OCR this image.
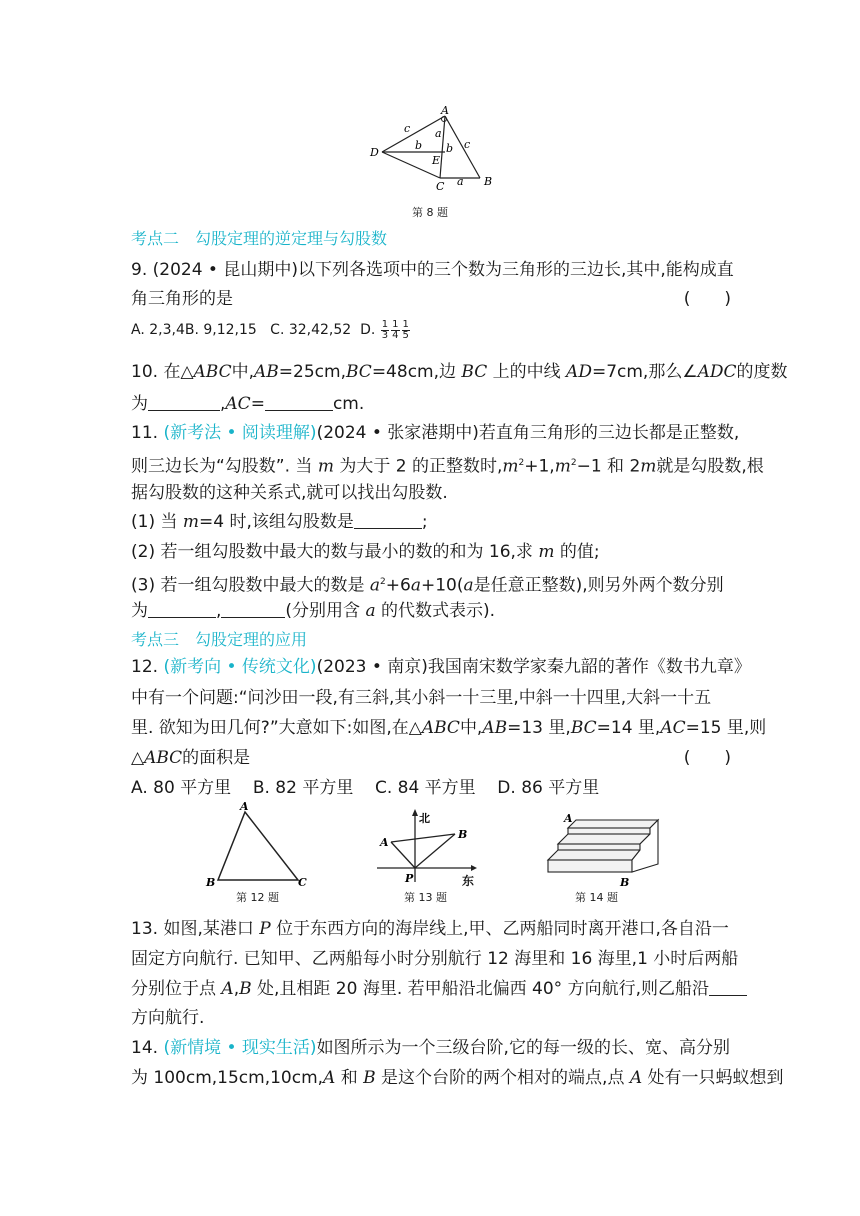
A
B
C
D
E
a
a
b b
c
c
第 8 题
考点二　勾股定理的逆定理与勾股数
9. (2024 • 昆山期中)以下列各选项中的三个数为三角形的三边长,其中,能构成直
角三角形的是	(　　)
A. 2,3,4B. 9,12,15 C. 32,42,52 D. $\frac{1}{3} \frac{1}{4} \frac{1}{5}$
10. 在△ABC中,AB=25cm,BC=48cm,边 BC 上的中线 AD=7cm,那么∠ADC的度数
为	,AC=	cm.
11. (新考法 • 阅读理解)(2024 • 张家港期中)若直角三角形的三边长都是正整数,
则三边长为“勾股数”. 当 m 为大于 2 的正整数时$,m^2+1,m^2-1$ 和 2m就是勾股数,根
据勾股数的这种关系式,就可以找出勾股数.
(1) 当 m=4 时,该组勾股数是	;
(2) 若一组勾股数中最大的数与最小的数的和为 16,求 m 的值;
(3) 若一组勾股数中最大的数是 $a^2+6a+10(a$是任意正整数),则另外两个数分别
为	,	(分别用含 a 的代数式表示).
考点三　勾股定理的应用
12. (新考向 • 传统文化)(2023 • 南京)我国南宋数学家秦九韶的著作《数书九章》
中有一个问题:“问沙田一段,有三斜,其小斜一十三里,中斜一十四里,大斜一十五
里. 欲知为田几何?”大意如下:如图,在△ABC中,AB=13 里,BC=14 里,AC=15 里,则
△ABC的面积是	(　　)
A. 80 平方里 B. 82 平方里 C. 84 平方里 D. 86 平方里
A
B	C
第 12 题
北
A
B
P	东
第 13 题
A
B
第 14 题
13. 如图,某港口 P 位于东西方向的海岸线上,甲、乙两船同时离开港口,各自沿一
固定方向航行. 已知甲、乙两船每小时分别航行 12 海里和 16 海里,1 小时后两船
分别位于点 A,B 处,且相距 20 海里. 若甲船沿北偏西 40° 方向航行,则乙船沿
方向航行.
14. (新情境 • 现实生活)如图所示为一个三级台阶,它的每一级的长、宽、高分别
为 100cm,15cm,10cm,A 和 B 是这个台阶的两个相对的端点,点 A 处有一只蚂蚁想到
